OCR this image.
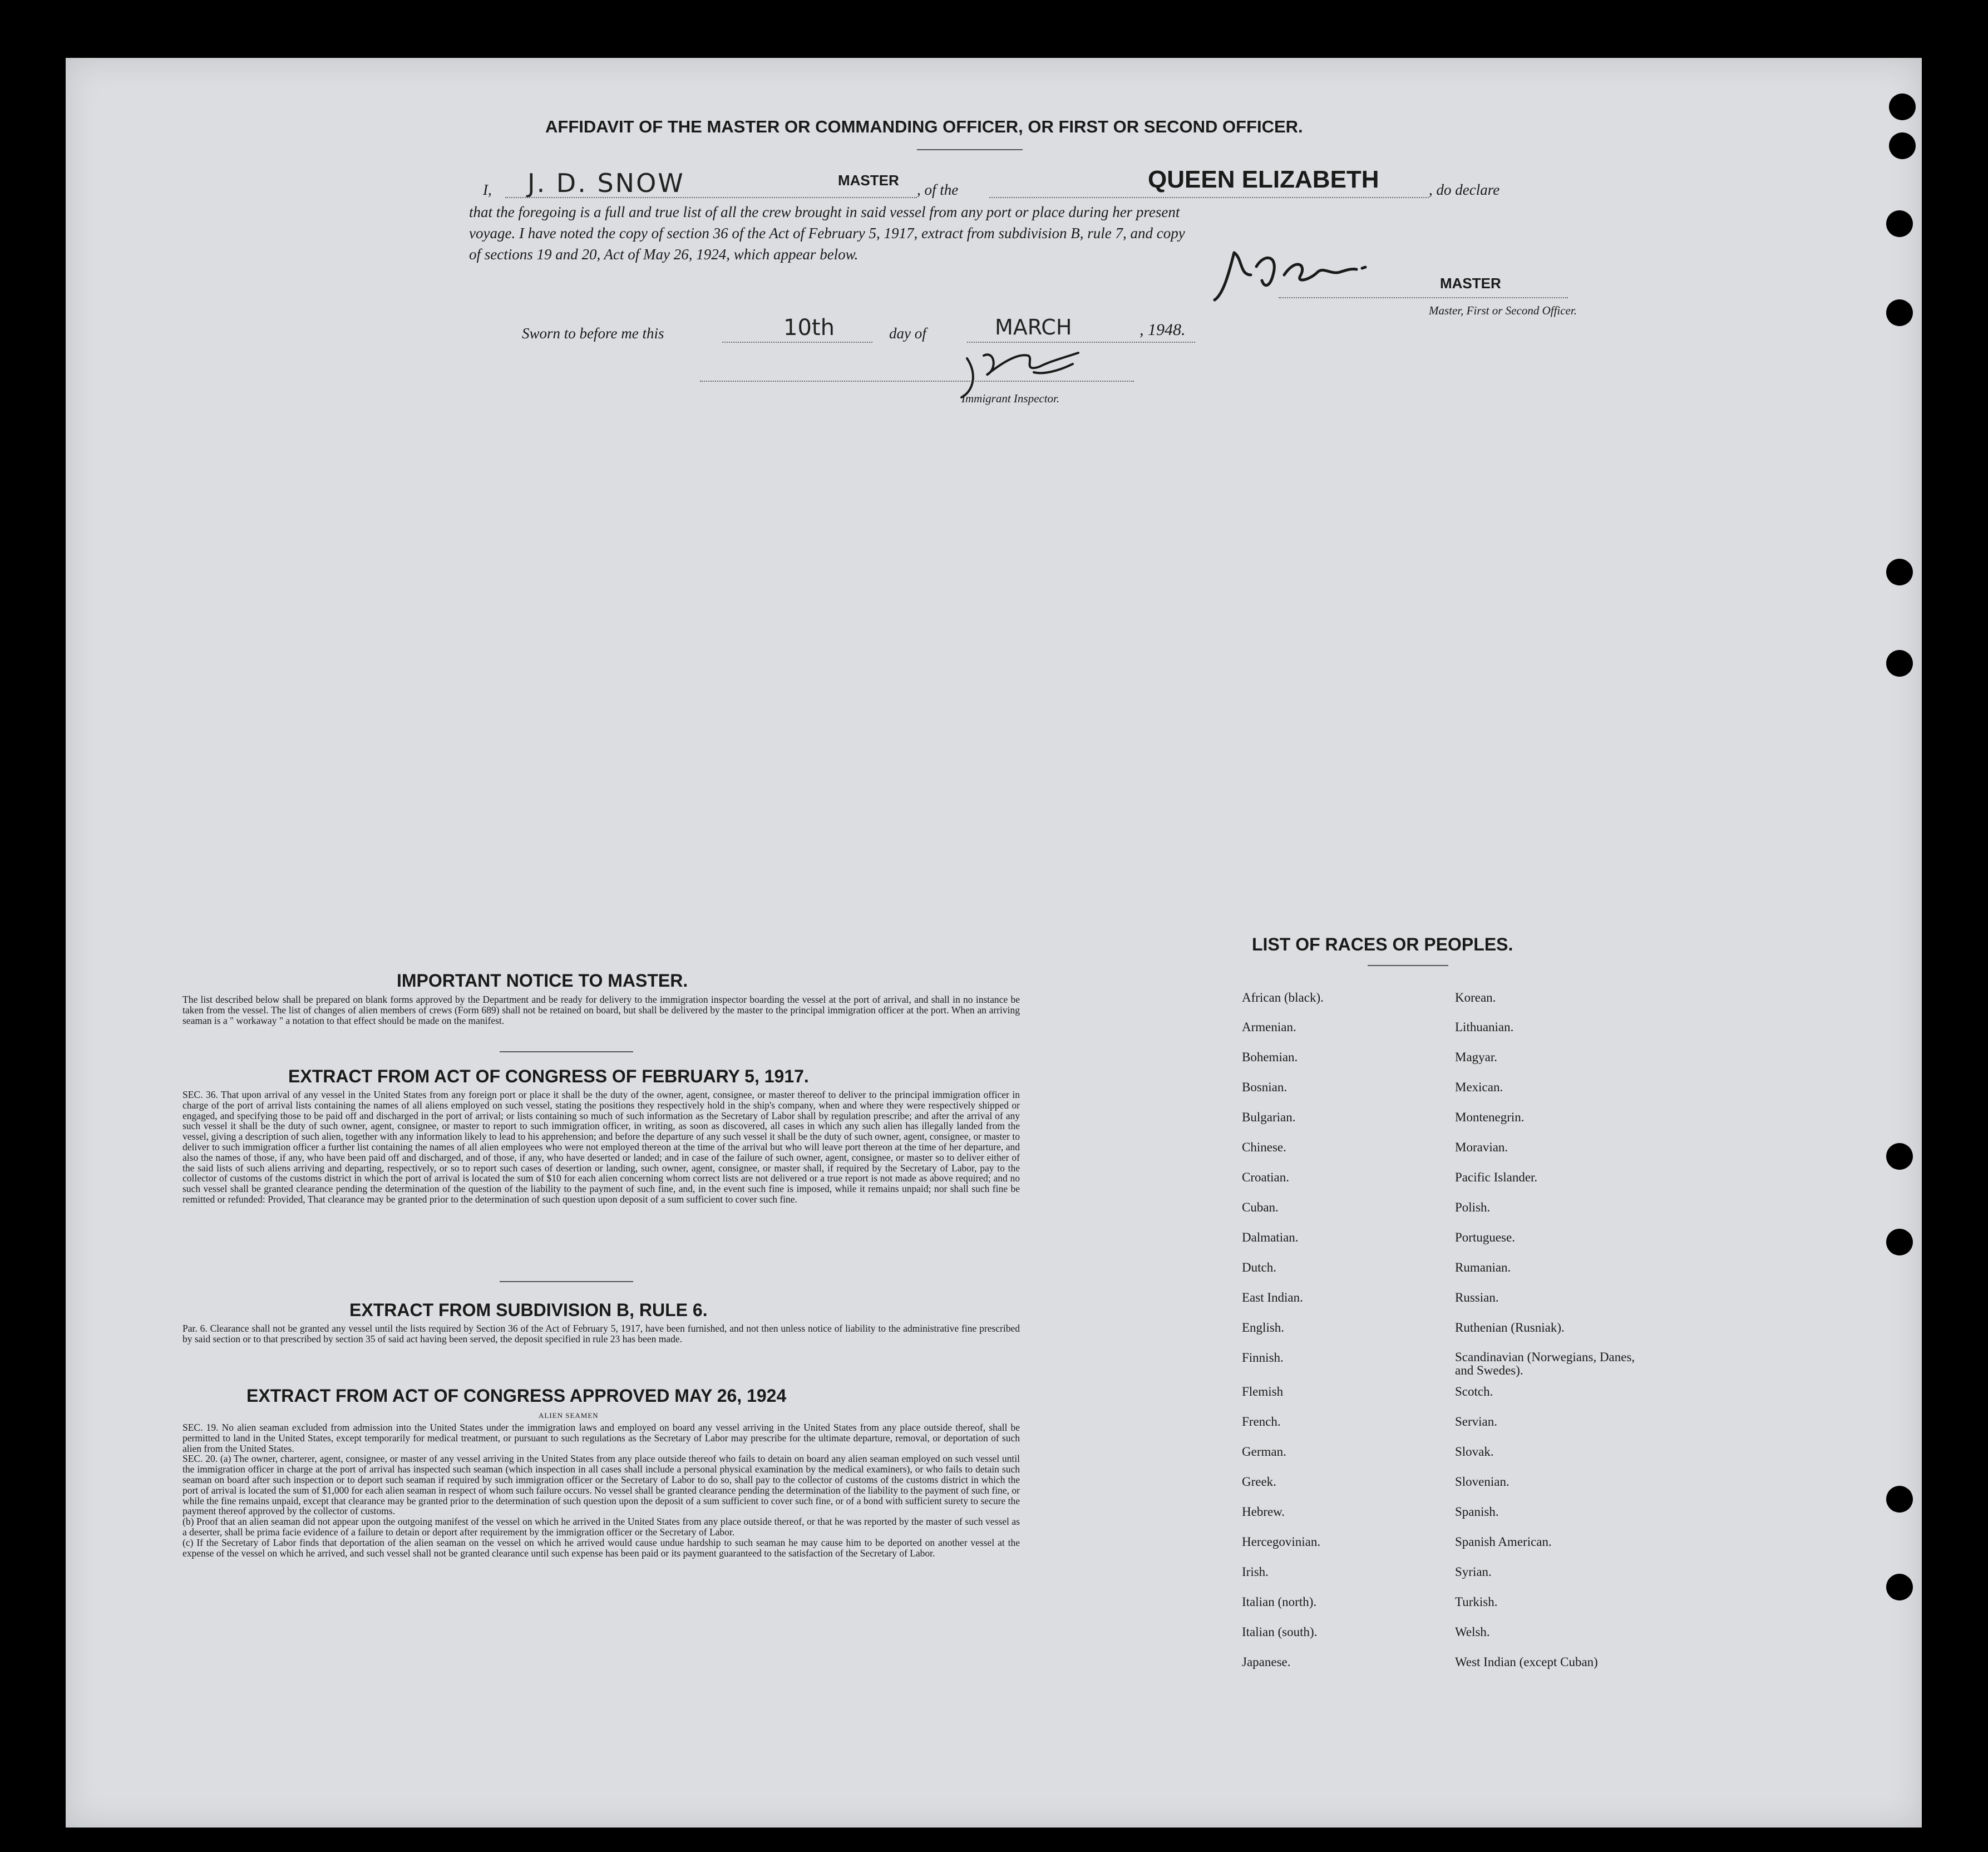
AFFIDAVIT OF THE MASTER OR COMMANDING OFFICER, OR FIRST OR SECOND OFFICER.
I, J. D. SNOW	MASTER
, of the	QUEEN ELIZABETH	, do declare
that the foregoing is a full and true list of all the crew brought in said vessel from any port or place during her present
voyage. I have noted the copy of section 36 of the Act of February 5, 1917, extract from subdivision B, rule 7, and copy
of sections 19 and 20, Act of May 26, 1924, which appear below.
MASTER
Master, First or Second Officer.
Sworn to before me this	10th	day of	MARCH	, 1948.
Immigrant Inspector.
IMPORTANT NOTICE TO MASTER.
The list described below shall be prepared on blank forms approved by the Department and be ready for delivery to the immigration inspector boarding the vessel at the port of arrival, and shall in no instance be taken from the vessel. The list of changes of alien members of crews (Form 689) shall not be retained on board, but shall be delivered by the master to the principal immigration officer at the port. When an arriving seaman is a " workaway " a notation to that effect should be made on the manifest.
EXTRACT FROM ACT OF CONGRESS OF FEBRUARY 5, 1917.
SEC. 36. That upon arrival of any vessel in the United States from any foreign port or place it shall be the duty of the owner, agent, consignee, or master thereof to deliver to the principal immigration officer in charge of the port of arrival lists containing the names of all aliens employed on such vessel, stating the positions they respectively hold in the ship's company, when and where they were respectively shipped or engaged, and specifying those to be paid off and discharged in the port of arrival; or lists containing so much of such information as the Secretary of Labor shall by regulation prescribe; and after the arrival of any such vessel it shall be the duty of such owner, agent, consignee, or master to report to such immigration officer, in writing, as soon as discovered, all cases in which any such alien has illegally landed from the vessel, giving a description of such alien, together with any information likely to lead to his apprehension; and before the departure of any such vessel it shall be the duty of such owner, agent, consignee, or master to deliver to such immigration officer a further list containing the names of all alien employees who were not employed thereon at the time of the arrival but who will leave port thereon at the time of her departure, and also the names of those, if any, who have been paid off and discharged, and of those, if any, who have deserted or landed; and in case of the failure of such owner, agent, consignee, or master so to deliver either of the said lists of such aliens arriving and departing, respectively, or so to report such cases of desertion or landing, such owner, agent, consignee, or master shall, if required by the Secretary of Labor, pay to the collector of customs of the customs district in which the port of arrival is located the sum of $10 for each alien concerning whom correct lists are not delivered or a true report is not made as above required; and no such vessel shall be granted clearance pending the determination of the question of the liability to the payment of such fine, and, in the event such fine is imposed, while it remains unpaid; nor shall such fine be remitted or refunded: Provided, That clearance may be granted prior to the determination of such question upon deposit of a sum sufficient to cover such fine.
EXTRACT FROM SUBDIVISION B, RULE 6.
Par. 6. Clearance shall not be granted any vessel until the lists required by Section 36 of the Act of February 5, 1917, have been furnished, and not then unless notice of liability to the administrative fine prescribed by said section or to that prescribed by section 35 of said act having been served, the deposit specified in rule 23 has been made.
EXTRACT FROM ACT OF CONGRESS APPROVED MAY 26, 1924
ALIEN SEAMEN
SEC. 19. No alien seaman excluded from admission into the United States under the immigration laws and employed on board any vessel arriving in the United States from any place outside thereof, shall be permitted to land in the United States, except temporarily for medical treatment, or pursuant to such regulations as the Secretary of Labor may prescribe for the ultimate departure, removal, or deportation of such alien from the United States.
SEC. 20. (a) The owner, charterer, agent, consignee, or master of any vessel arriving in the United States from any place outside thereof who fails to detain on board any alien seaman employed on such vessel until the immigration officer in charge at the port of arrival has inspected such seaman (which inspection in all cases shall include a personal physical examination by the medical examiners), or who fails to detain such seaman on board after such inspection or to deport such seaman if required by such immigration officer or the Secretary of Labor to do so, shall pay to the collector of customs of the customs district in which the port of arrival is located the sum of $1,000 for each alien seaman in respect of whom such failure occurs. No vessel shall be granted clearance pending the determination of the liability to the payment of such fine, or while the fine remains unpaid, except that clearance may be granted prior to the determination of such question upon the deposit of a sum sufficient to cover such fine, or of a bond with sufficient surety to secure the payment thereof approved by the collector of customs.
(b) Proof that an alien seaman did not appear upon the outgoing manifest of the vessel on which he arrived in the United States from any place outside thereof, or that he was reported by the master of such vessel as a deserter, shall be prima facie evidence of a failure to detain or deport after requirement by the immigration officer or the Secretary of Labor.
(c) If the Secretary of Labor finds that deportation of the alien seaman on the vessel on which he arrived would cause undue hardship to such seaman he may cause him to be deported on another vessel at the expense of the vessel on which he arrived, and such vessel shall not be granted clearance until such expense has been paid or its payment guaranteed to the satisfaction of the Secretary of Labor.
LIST OF RACES OR PEOPLES.
African (black).
Armenian.
Bohemian.
Bosnian.
Bulgarian.
Chinese.
Croatian.
Cuban.
Dalmatian.
Dutch.
East Indian.
English.
Finnish.
Flemish
French.
German.
Greek.
Hebrew.
Hercegovinian.
Irish.
Italian (north).
Italian (south).
Japanese.
Korean.
Lithuanian.
Magyar.
Mexican.
Montenegrin.
Moravian.
Pacific Islander.
Polish.
Portuguese.
Rumanian.
Russian.
Ruthenian (Rusniak).
Scandinavian (Norwegians, Danes, and Swedes).
Scotch.
Servian.
Slovak.
Slovenian.
Spanish.
Spanish American.
Syrian.
Turkish.
Welsh.
West Indian (except Cuban)
